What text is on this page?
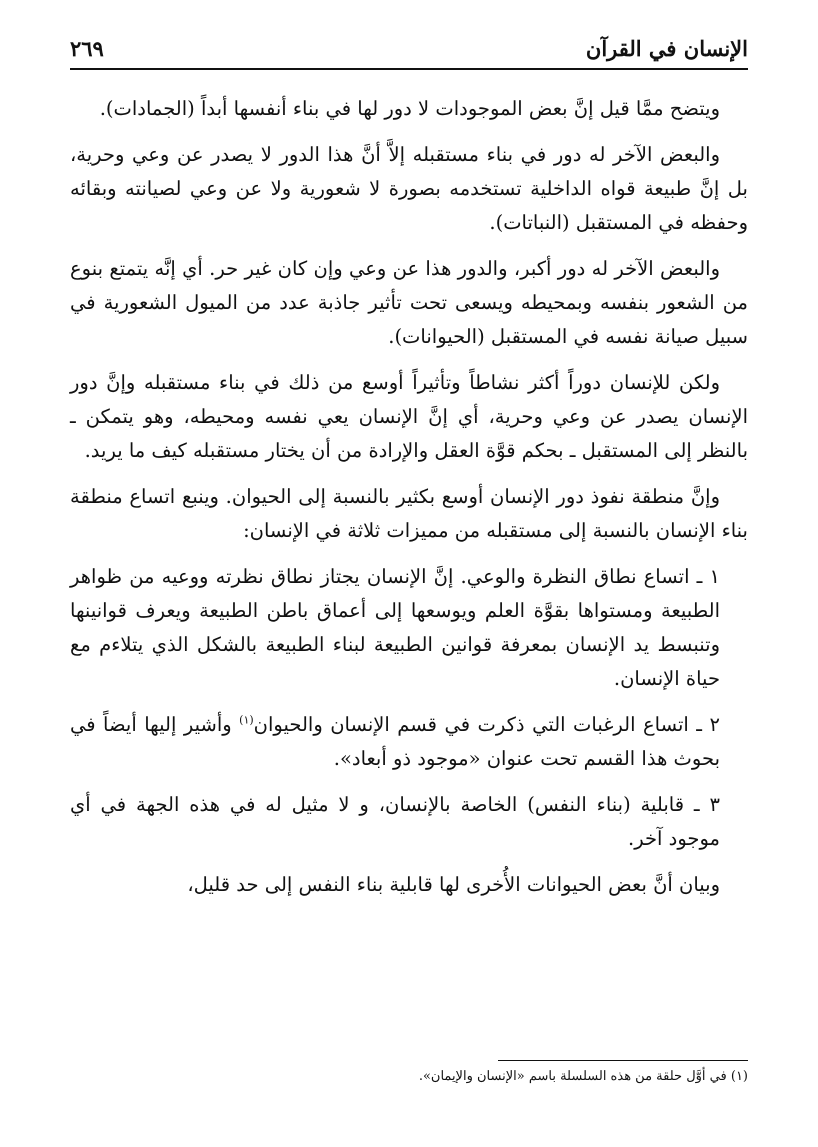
الإنسان في القرآن
٢٦٩

ويتضح ممَّا قيل إنَّ بعض الموجودات لا دور لها في بناء أنفسها أبداً (الجمادات).

والبعض الآخر له دور في بناء مستقبله إلاَّ أنَّ هذا الدور لا يصدر عن وعي وحرية، بل إنَّ طبيعة قواه الداخلية تستخدمه بصورة لا شعورية ولا عن وعي لصيانته وبقائه وحفظه في المستقبل (النباتات).

والبعض الآخر له دور أكبر، والدور هذا عن وعي وإن كان غير حر. أي إنَّه يتمتع بنوع من الشعور بنفسه وبمحيطه ويسعى تحت تأثير جاذبة عدد من الميول الشعورية في سبيل صيانة نفسه في المستقبل (الحيوانات).

ولكن للإنسان دوراً أكثر نشاطاً وتأثيراً أوسع من ذلك في بناء مستقبله وإنَّ دور الإنسان يصدر عن وعي وحرية، أي إنَّ الإنسان يعي نفسه ومحيطه، وهو يتمكن ـ بالنظر إلى المستقبل ـ بحكم قوَّة العقل والإرادة من أن يختار مستقبله كيف ما يريد.

وإنَّ منطقة نفوذ دور الإنسان أوسع بكثير بالنسبة إلى الحيوان. وينبع اتساع منطقة بناء الإنسان بالنسبة إلى مستقبله من مميزات ثلاثة في الإنسان:

١ ـ اتساع نطاق النظرة والوعي. إنَّ الإنسان يجتاز نطاق نظرته ووعيه من ظواهر الطبيعة ومستواها بقوَّة العلم ويوسعها إلى أعماق باطن الطبيعة ويعرف قوانينها وتنبسط يد الإنسان بمعرفة قوانين الطبيعة لبناء الطبيعة بالشكل الذي يتلاءم مع حياة الإنسان.

٢ ـ اتساع الرغبات التي ذكرت في قسم الإنسان والحيوان$^{(١)}$ وأشير إليها أيضاً في بحوث هذا القسم تحت عنوان «موجود ذو أبعاد».

٣ ـ قابلية (بناء النفس) الخاصة بالإنسان، و لا مثيل له في هذه الجهة في أي موجود آخر.

وبيان أنَّ بعض الحيوانات الأُخرى لها قابلية بناء النفس إلى حد قليل،

(١) في أوَّل حلقة من هذه السلسلة باسم «الإنسان والإيمان».
